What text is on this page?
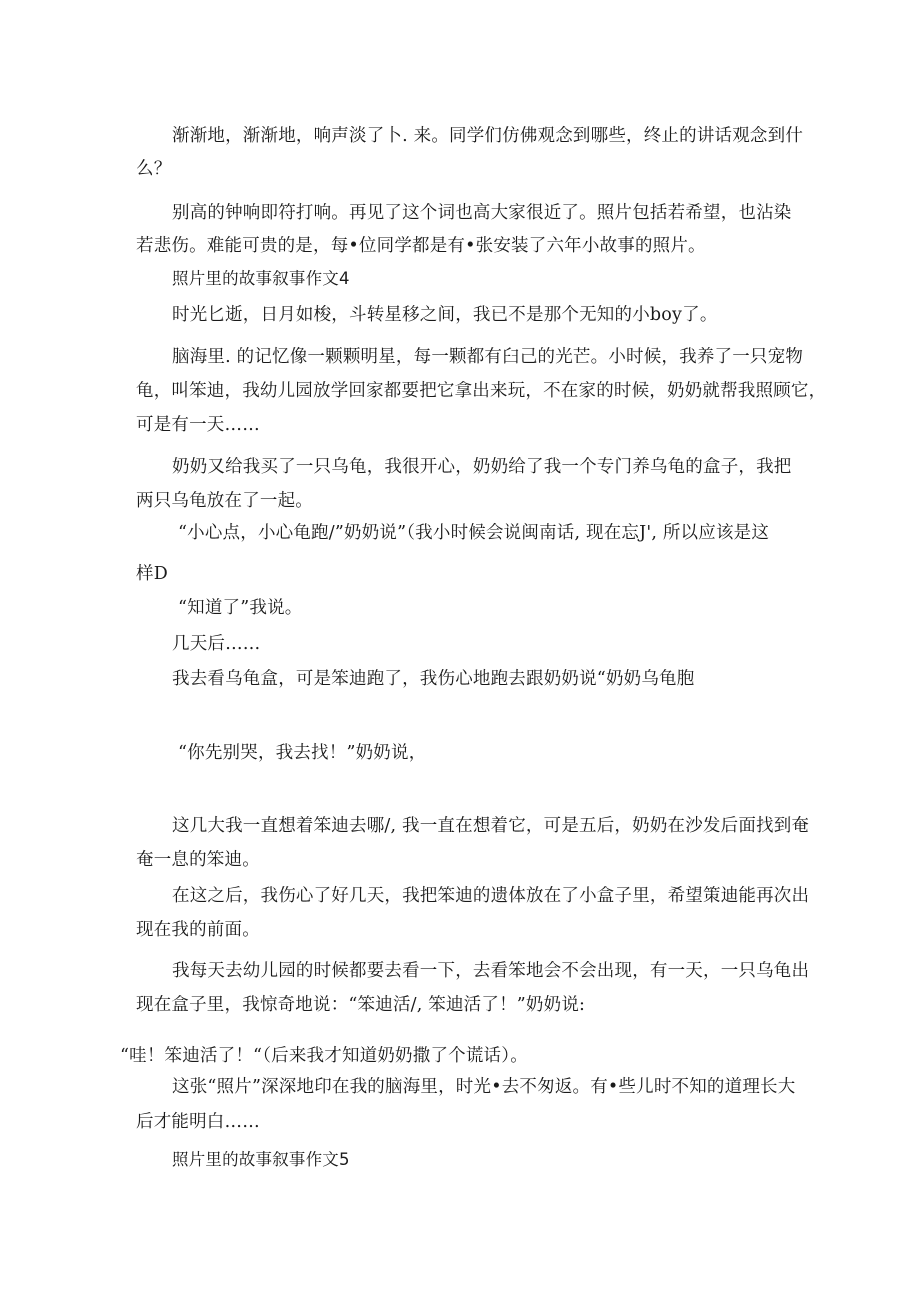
渐渐地，渐渐地，响声淡了卜. 来。同学们仿佛观念到哪些，终止的讲话观念到什

么？

别高的钟响即符打响。再见了这个词也高大家很近了。照片包括若希望，也沾染

若悲伤。难能可贵的是，每•位同学都是有•张安装了六年小故事的照片。

照片里的故事叙事作文4

时光匕逝，日月如梭，斗转星移之间，我已不是那个无知的小boy了。

脑海里. 的记忆像一颗颗明星，每一颗都有臼己的光芒。小时候，我养了一只宠物

龟，叫笨迪，我幼儿园放学回家都要把它拿出来玩，不在家的时候，奶奶就帮我照顾它，

可是有一天……

奶奶又给我买了一只乌龟，我很开心，奶奶给了我一个专门养乌龟的盒子，我把

两只乌龟放在了一起。

“小心点，小心龟跑/”奶奶说”（我小时候会说闽南话, 现在忘J', 所以应该是这

样D

“知道了”我说。

几天后……

我去看乌龟盒，可是笨迪跑了，我伤心地跑去跟奶奶说“奶奶乌龟胞

“你先别哭，我去找！”奶奶说，

这几大我一直想着笨迪去哪/, 我一直在想着它，可是五后，奶奶在沙发后面找到奄

奄一息的笨迪。

在这之后，我伤心了好几天，我把笨迪的遗体放在了小盒子里，希望策迪能再次出

现在我的前面。

我每天去幼儿园的时候都要去看一下，去看笨地会不会出现，有一天，一只乌龟出

现在盒子里，我惊奇地说：“笨迪活/, 笨迪活了！”奶奶说:

“哇！笨迪活了！“（后来我才知道奶奶撒了个谎话）。

这张“照片”深深地印在我的脑海里，时光•去不匆返。有•些儿时不知的道理长大

后才能明白……

照片里的故事叙事作文5
